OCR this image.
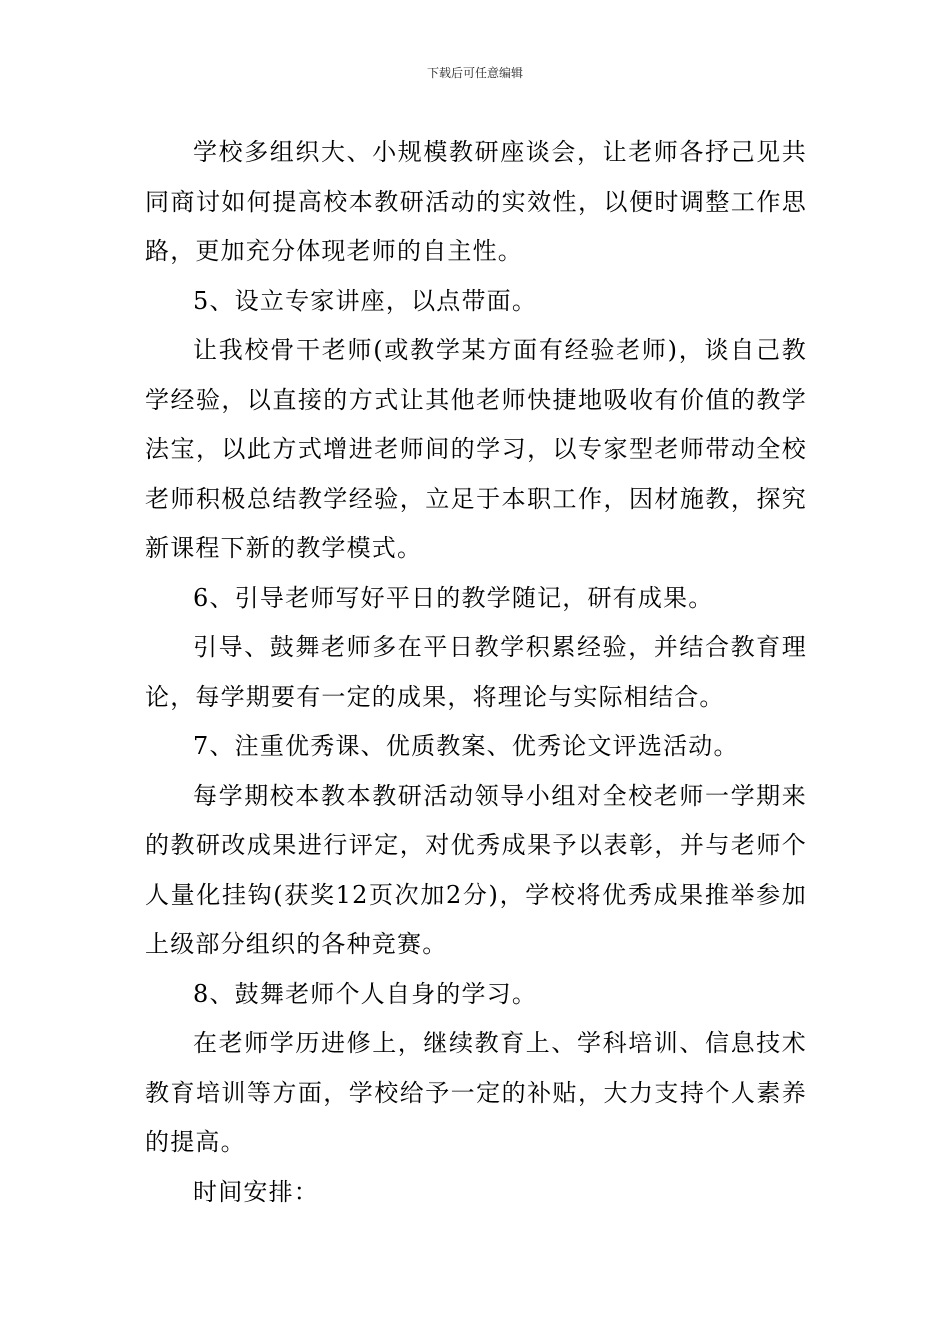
下载后可任意编辑

学校多组织大、小规模教研座谈会，让老师各抒己见共同商讨如何提高校本教研活动的实效性，以便时调整工作思路，更加充分体现老师的自主性。

5、设立专家讲座，以点带面。

让我校骨干老师(或教学某方面有经验老师)，谈自己教学经验，以直接的方式让其他老师快捷地吸收有价值的教学法宝，以此方式增进老师间的学习，以专家型老师带动全校老师积极总结教学经验，立足于本职工作，因材施教，探究新课程下新的教学模式。

6、引导老师写好平日的教学随记，研有成果。

引导、鼓舞老师多在平日教学积累经验，并结合教育理论，每学期要有一定的成果，将理论与实际相结合。

7、注重优秀课、优质教案、优秀论文评选活动。

每学期校本教本教研活动领导小组对全校老师一学期来的教研改成果进行评定，对优秀成果予以表彰，并与老师个人量化挂钩(获奖12页次加2分)，学校将优秀成果推举参加上级部分组织的各种竞赛。

8、鼓舞老师个人自身的学习。

在老师学历进修上，继续教育上、学科培训、信息技术教育培训等方面，学校给予一定的补贴，大力支持个人素养的提高。

时间安排：
